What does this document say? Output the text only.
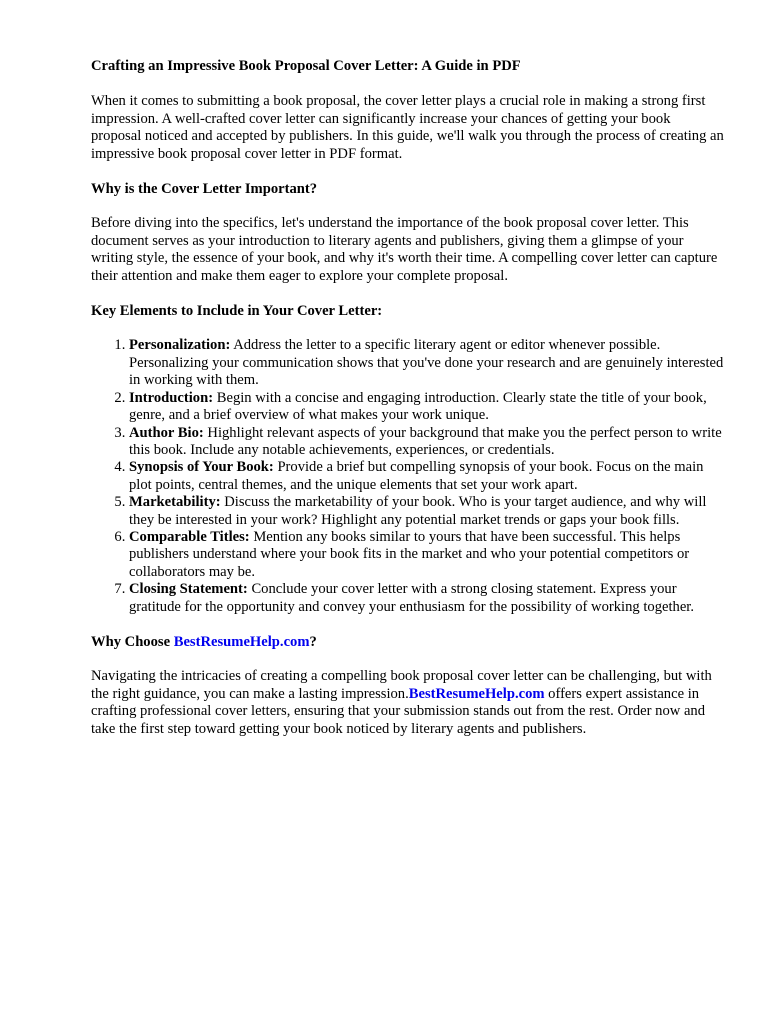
Crafting an Impressive Book Proposal Cover Letter: A Guide in PDF

When it comes to submitting a book proposal, the cover letter plays a crucial role in making a strong first impression. A well-crafted cover letter can significantly increase your chances of getting your book proposal noticed and accepted by publishers. In this guide, we'll walk you through the process of creating an impressive book proposal cover letter in PDF format.

Why is the Cover Letter Important?

Before diving into the specifics, let's understand the importance of the book proposal cover letter. This document serves as your introduction to literary agents and publishers, giving them a glimpse of your writing style, the essence of your book, and why it's worth their time. A compelling cover letter can capture their attention and make them eager to explore your complete proposal.

Key Elements to Include in Your Cover Letter:
1. Personalization: Address the letter to a specific literary agent or editor whenever possible. Personalizing your communication shows that you've done your research and are genuinely interested in working with them.
2. Introduction: Begin with a concise and engaging introduction. Clearly state the title of your book, genre, and a brief overview of what makes your work unique.
3. Author Bio: Highlight relevant aspects of your background that make you the perfect person to write this book. Include any notable achievements, experiences, or credentials.
4. Synopsis of Your Book: Provide a brief but compelling synopsis of your book. Focus on the main plot points, central themes, and the unique elements that set your work apart.
5. Marketability: Discuss the marketability of your book. Who is your target audience, and why will they be interested in your work? Highlight any potential market trends or gaps your book fills.
6. Comparable Titles: Mention any books similar to yours that have been successful. This helps publishers understand where your book fits in the market and who your potential competitors or collaborators may be.
7. Closing Statement: Conclude your cover letter with a strong closing statement. Express your gratitude for the opportunity and convey your enthusiasm for the possibility of working together.
Why Choose BestResumeHelp.com?

Navigating the intricacies of creating a compelling book proposal cover letter can be challenging, but with the right guidance, you can make a lasting impression.BestResumeHelp.com offers expert assistance in crafting professional cover letters, ensuring that your submission stands out from the rest. Order now and take the first step toward getting your book noticed by literary agents and publishers.
